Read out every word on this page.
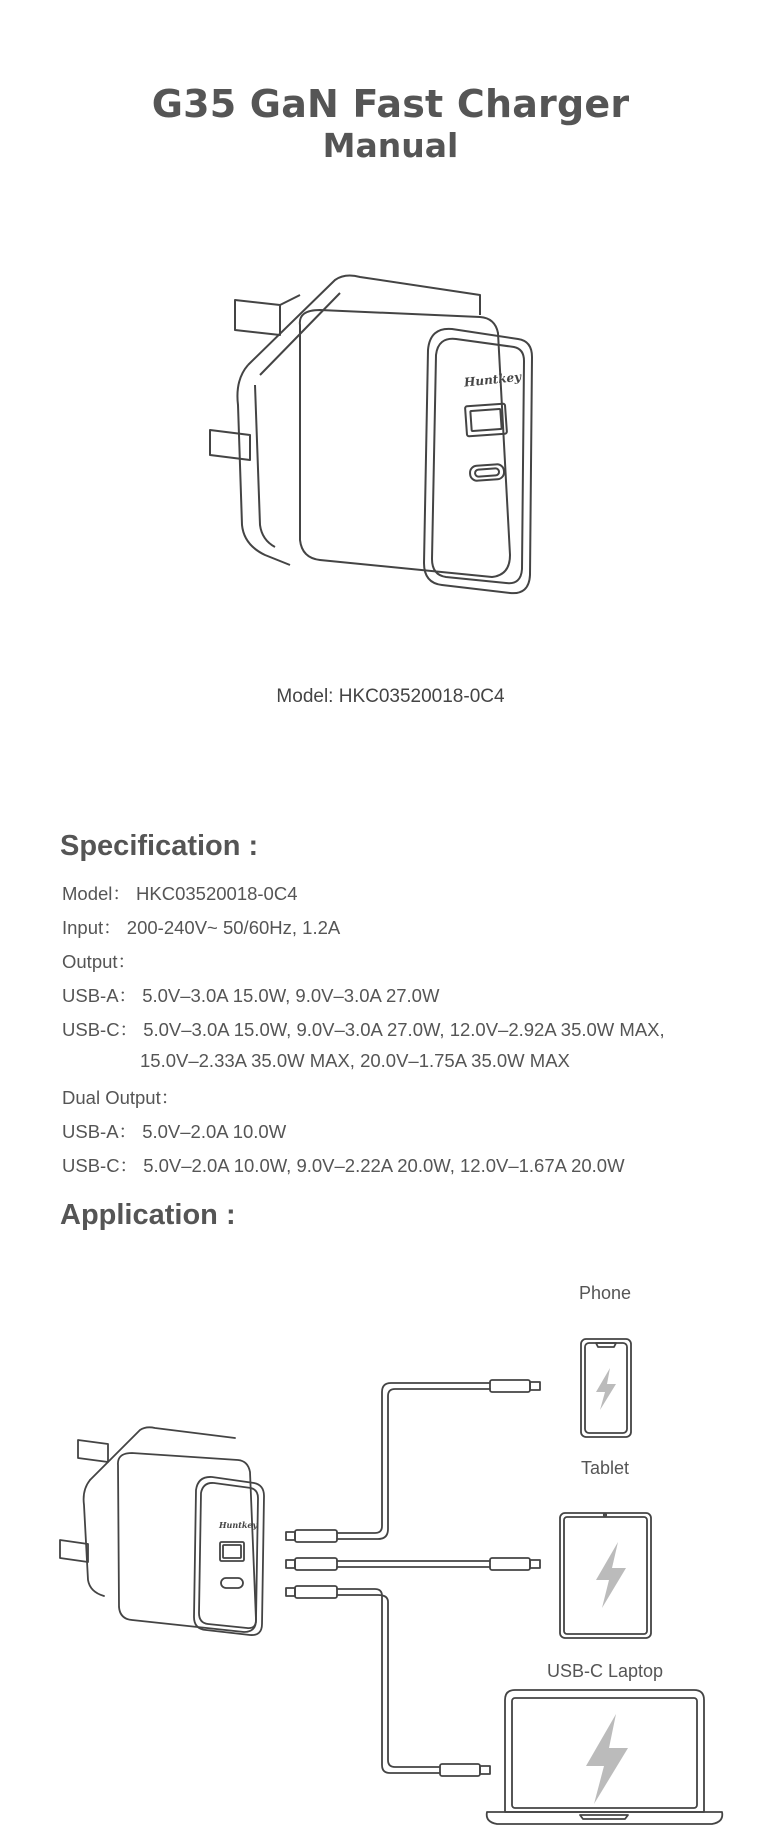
G35 GaN Fast Charger
Manual
Huntkey
Model: HKC03520018-0C4
Specification :
Model： HKC03520018-0C4
Input： 200-240V~ 50/60Hz, 1.2A
Output：
USB-A： 5.0V–3.0A 15.0W, 9.0V–3.0A 27.0W
USB-C： 5.0V–3.0A 15.0W, 9.0V–3.0A 27.0W, 12.0V–2.92A 35.0W MAX,
15.0V–2.33A 35.0W MAX, 20.0V–1.75A 35.0W MAX
Dual Output：
USB-A： 5.0V–2.0A 10.0W
USB-C： 5.0V–2.0A 10.0W, 9.0V–2.22A 20.0W, 12.0V–1.67A 20.0W
Application :
Huntkey
Phone
Tablet
USB-C Laptop
